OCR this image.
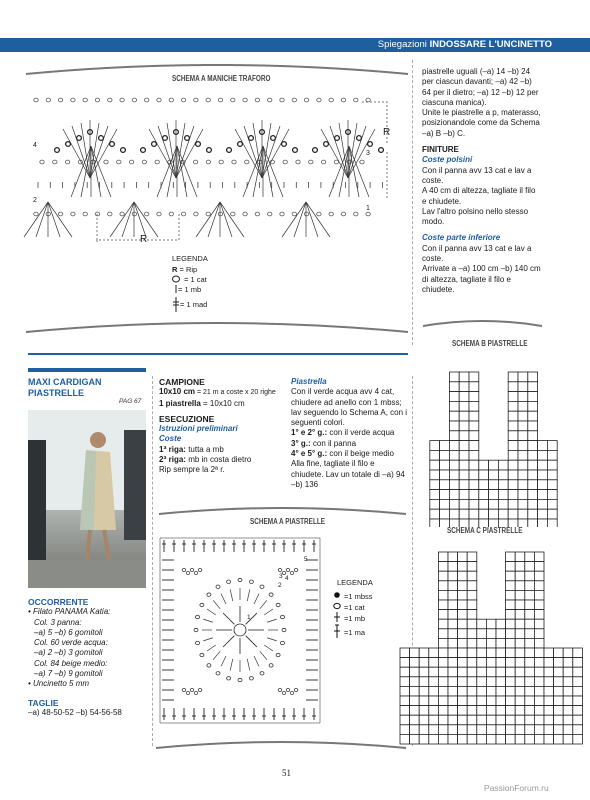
Spiegazioni INDOSSARE L'UNCINETTO
SCHEMA A MANICHE TRAFORO
R
R
4
3
2
1
LEGENDA
R = Rip
= 1 cat
= 1 mb
= 1 mad
piastrelle uguali (–a) 14 –b) 24 per ciascun davanti; –a) 42 –b) 64 per il dietro; –a) 12 –b) 12 per ciascuna manica).
Unite le piastrelle a p, materasso, posizionandole come da Schema –a) B –b) C.
FINITURE
Coste polsini
Con il panna avv 13 cat e lav a coste.
A 40 cm di altezza, tagliate il filo e chiudete.
Lav l'altro polsino nello stesso modo.
Coste parte inferiore
Con il panna avv 13 cat e lav a coste.
Arrivate a –a) 100 cm –b) 140 cm di altezza, tagliate il filo e chiudete.
MAXI CARDIGAN PIASTRELLE
PAG 67
OCCORRENTE
• Filato PANAMA Katia:
Col. 3 panna:
–a) 5 –b) 6 gomitoli
Col. 60 verde acqua:
–a) 2 –b) 3 gomitoli
Col. 84 beige medio:
–a) 7 –b) 9 gomitoli
• Uncinetto 5 mm
TAGLIE
–a) 48-50-52 –b) 54-56-58
CAMPIONE
10x10 cm = 21 m a coste x 20 righe
1 piastrella = 10x10 cm
ESECUZIONE
Istruzioni preliminari
Coste
1ª riga: tutta a mb
2ª riga: mb in costa dietro
Rip sempre la 2ª r.
Piastrella
Con il verde acqua avv 4 cat, chiudere ad anello con 1 mbss; lav seguendo lo Schema A, con i seguenti colori.
1° e 2° g.: con il verde acqua
3° g.: con il panna
4° e 5° g.: con il beige medio
Alla fine, tagliate il filo e chiudete. Lav un totale di –a) 94 –b) 136
SCHEMA A PIASTRELLE
1
2
3 4
5
LEGENDA
=1 mbss
=1 cat
=1 mb
=1 ma
SCHEMA B PIASTRELLE
SCHEMA C PIASTRELLE
51
PassionForum.ru
